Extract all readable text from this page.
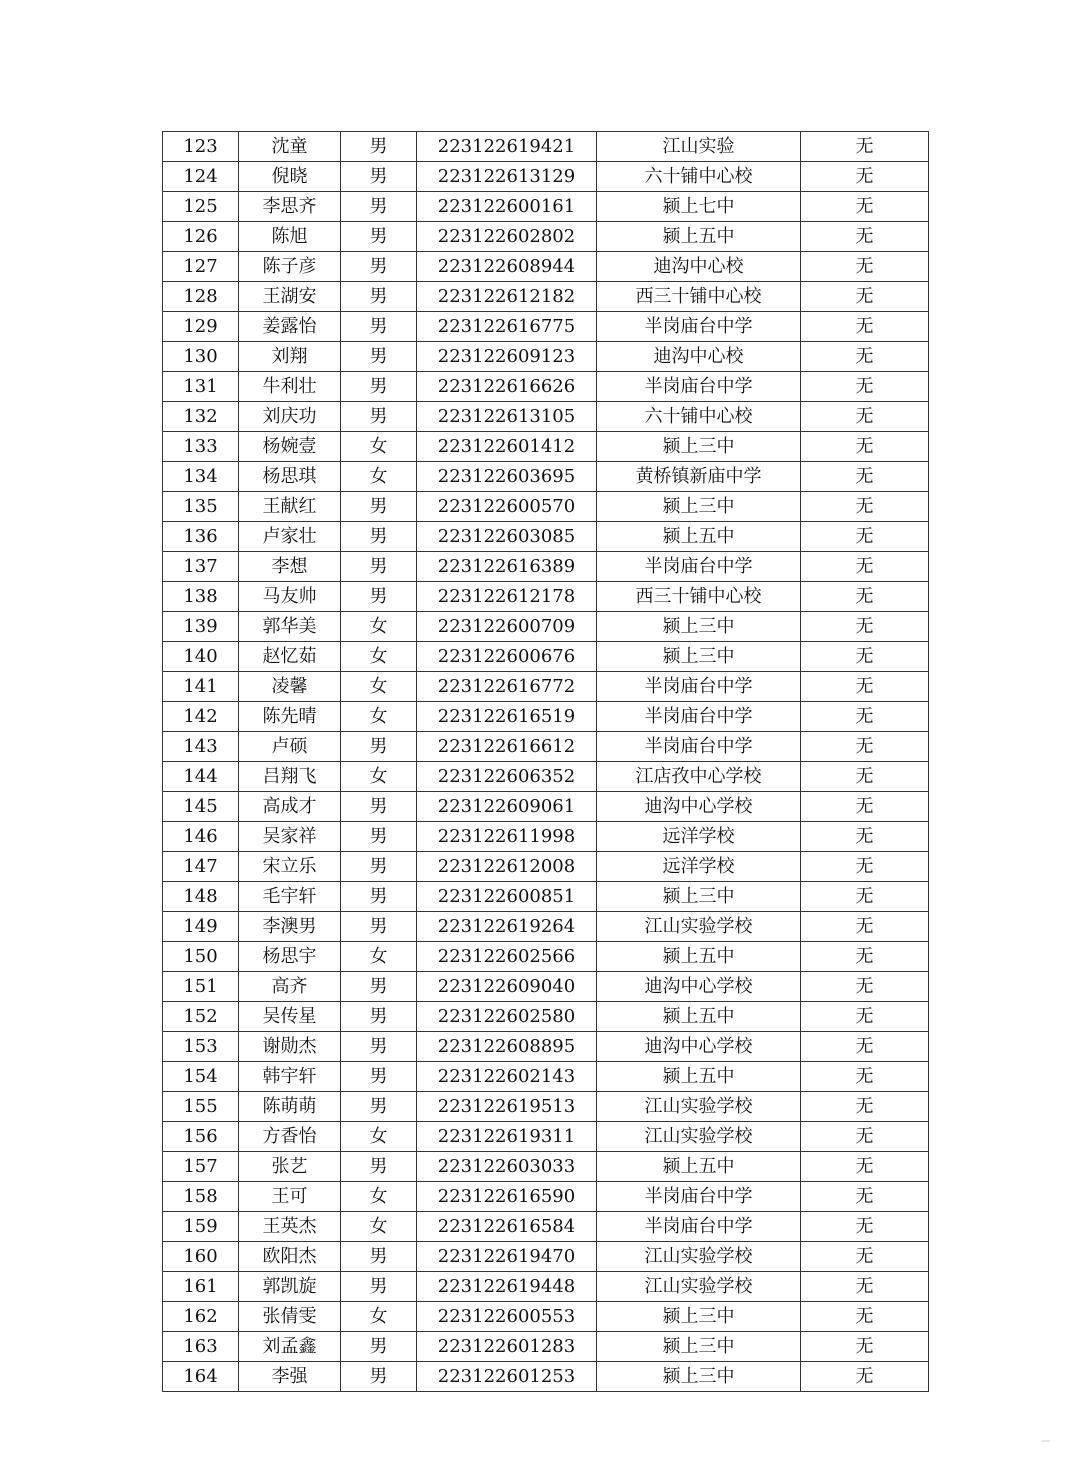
123	沈童	男	223122619421	江山实验	无
124	倪晓	男	223122613129	六十铺中心校	无
125	李思齐	男	223122600161	颍上七中	无
126	陈旭	男	223122602802	颍上五中	无
127	陈子彦	男	223122608944	迪沟中心校	无
128	王湖安	男	223122612182	西三十铺中心校	无
129	姜露怡	男	223122616775	半岗庙台中学	无
130	刘翔	男	223122609123	迪沟中心校	无
131	牛利壮	男	223122616626	半岗庙台中学	无
132	刘庆功	男	223122613105	六十铺中心校	无
133	杨婉壹	女	223122601412	颍上三中	无
134	杨思琪	女	223122603695	黄桥镇新庙中学	无
135	王献红	男	223122600570	颍上三中	无
136	卢家壮	男	223122603085	颍上五中	无
137	李想	男	223122616389	半岗庙台中学	无
138	马友帅	男	223122612178	西三十铺中心校	无
139	郭华美	女	223122600709	颍上三中	无
140	赵忆茹	女	223122600676	颍上三中	无
141	凌馨	女	223122616772	半岗庙台中学	无
142	陈先晴	女	223122616519	半岗庙台中学	无
143	卢硕	男	223122616612	半岗庙台中学	无
144	吕翔飞	女	223122606352	江店孜中心学校	无
145	高成才	男	223122609061	迪沟中心学校	无
146	吴家祥	男	223122611998	远洋学校	无
147	宋立乐	男	223122612008	远洋学校	无
148	毛宇轩	男	223122600851	颍上三中	无
149	李澳男	男	223122619264	江山实验学校	无
150	杨思宇	女	223122602566	颍上五中	无
151	高齐	男	223122609040	迪沟中心学校	无
152	吴传星	男	223122602580	颍上五中	无
153	谢勋杰	男	223122608895	迪沟中心学校	无
154	韩宇轩	男	223122602143	颍上五中	无
155	陈萌萌	男	223122619513	江山实验学校	无
156	方香怡	女	223122619311	江山实验学校	无
157	张艺	男	223122603033	颍上五中	无
158	王可	女	223122616590	半岗庙台中学	无
159	王英杰	女	223122616584	半岗庙台中学	无
160	欧阳杰	男	223122619470	江山实验学校	无
161	郭凯旋	男	223122619448	江山实验学校	无
162	张倩雯	女	223122600553	颍上三中	无
163	刘孟鑫	男	223122601283	颍上三中	无
164	李强	男	223122601253	颍上三中	无
